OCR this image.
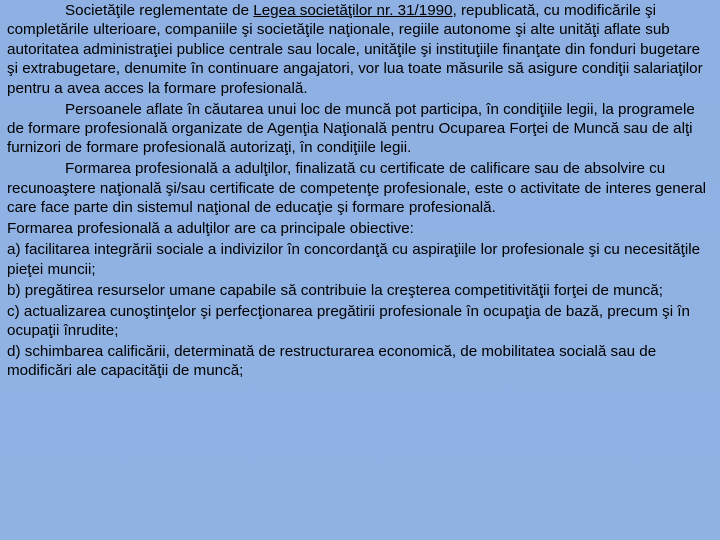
Societăţile reglementate de Legea societăţilor nr. 31/1990, republicată, cu modificările şi completările ulterioare, companiile şi societăţile naţionale, regiile autonome şi alte unităţi aflate sub autoritatea administraţiei publice centrale sau locale, unităţile şi instituţiile finanţate din fonduri bugetare şi extrabugetare, denumite în continuare angajatori, vor lua toate măsurile să asigure condiţii salariaţilor pentru a avea acces la formare profesională.

Persoanele aflate în căutarea unui loc de muncă pot participa, în condiţiile legii, la programele de formare profesională organizate de Agenţia Naţională pentru Ocuparea Forţei de Muncă sau de alţi furnizori de formare profesională autorizaţi, în condiţiile legii.

Formarea profesională a adulţilor, finalizată cu certificate de calificare sau de absolvire cu recunoaştere naţională şi/sau certificate de competenţe profesionale, este o activitate de interes general care face parte din sistemul naţional de educaţie şi formare profesională.

Formarea profesională a adulţilor are ca principale obiective:

a) facilitarea integrării sociale a indivizilor în concordanţă cu aspiraţiile lor profesionale şi cu necesităţile pieţei muncii;

b) pregătirea resurselor umane capabile să contribuie la creşterea competitivităţii forţei de muncă;

c) actualizarea cunoştinţelor şi perfecţionarea pregătirii profesionale în ocupaţia de bază, precum şi în ocupaţii înrudite;

d) schimbarea calificării, determinată de restructurarea economică, de mobilitatea socială sau de modificări ale capacităţii de muncă;
